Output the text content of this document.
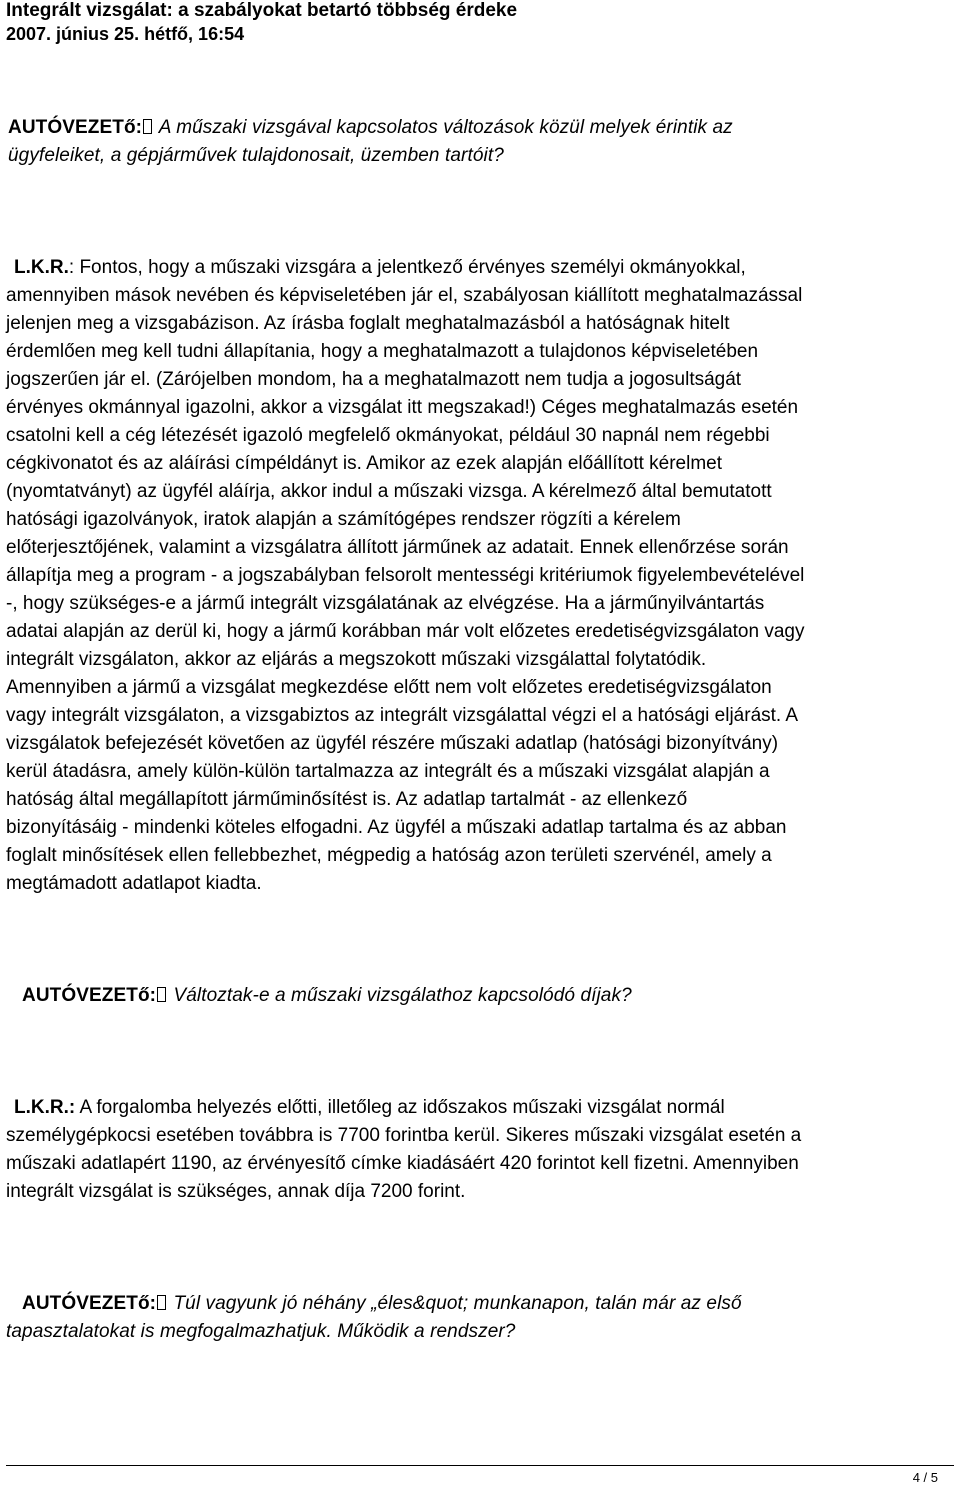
Integrált vizsgálat: a szabályokat betartó többség érdeke
2007. június 25. hétfő, 16:54

AUTÓVEZETő: A műszaki vizsgával kapcsolatos változások közül melyek érintik az
ügyfeleiket, a gépjárművek tulajdonosait, üzemben tartóit?

L.K.R.: Fontos, hogy a műszaki vizsgára a jelentkező érvényes személyi okmányokkal,
amennyiben mások nevében és képviseletében jár el, szabályosan kiállított meghatalmazással
jelenjen meg a vizsgabázison. Az írásba foglalt meghatalmazásból a hatóságnak hitelt
érdemlően meg kell tudni állapítania, hogy a meghatalmazott a tulajdonos képviseletében
jogszerűen jár el. (Zárójelben mondom, ha a meghatalmazott nem tudja a jogosultságát
érvényes okmánnyal igazolni, akkor a vizsgálat itt megszakad!) Céges meghatalmazás esetén
csatolni kell a cég létezését igazoló megfelelő okmányokat, például 30 napnál nem régebbi
cégkivonatot és az aláírási címpéldányt is. Amikor az ezek alapján előállított kérelmet
(nyomtatványt) az ügyfél aláírja, akkor indul a műszaki vizsga. A kérelmező által bemutatott
hatósági igazolványok, iratok alapján a számítógépes rendszer rögzíti a kérelem
előterjesztőjének, valamint a vizsgálatra állított járműnek az adatait. Ennek ellenőrzése során
állapítja meg a program - a jogszabályban felsorolt mentességi kritériumok figyelembevételével
-, hogy szükséges-e a jármű integrált vizsgálatának az elvégzése. Ha a járműnyilvántartás
adatai alapján az derül ki, hogy a jármű korábban már volt előzetes eredetiségvizsgálaton vagy
integrált vizsgálaton, akkor az eljárás a megszokott műszaki vizsgálattal folytatódik.
Amennyiben a jármű a vizsgálat megkezdése előtt nem volt előzetes eredetiségvizsgálaton
vagy integrált vizsgálaton, a vizsgabiztos az integrált vizsgálattal végzi el a hatósági eljárást. A
vizsgálatok befejezését követően az ügyfél részére műszaki adatlap (hatósági bizonyítvány)
kerül átadásra, amely külön-külön tartalmazza az integrált és a műszaki vizsgálat alapján a
hatóság által megállapított járműminősítést is. Az adatlap tartalmát - az ellenkező
bizonyításáig - mindenki köteles elfogadni. Az ügyfél a műszaki adatlap tartalma és az abban
foglalt minősítések ellen fellebbezhet, mégpedig a hatóság azon területi szervénél, amely a
megtámadott adatlapot kiadta.

AUTÓVEZETő: Változtak-e a műszaki vizsgálathoz kapcsolódó díjak?

L.K.R.: A forgalomba helyezés előtti, illetőleg az időszakos műszaki vizsgálat normál
személygépkocsi esetében továbbra is 7700 forintba kerül. Sikeres műszaki vizsgálat esetén a
műszaki adatlapért 1190, az érvényesítő címke kiadásáért 420 forintot kell fizetni. Amennyiben
integrált vizsgálat is szükséges, annak díja 7200 forint.

AUTÓVEZETő: Túl vagyunk jó néhány „éles&quot; munkanapon, talán már az első
tapasztalatokat is megfogalmazhatjuk. Működik a rendszer?

4 / 5
